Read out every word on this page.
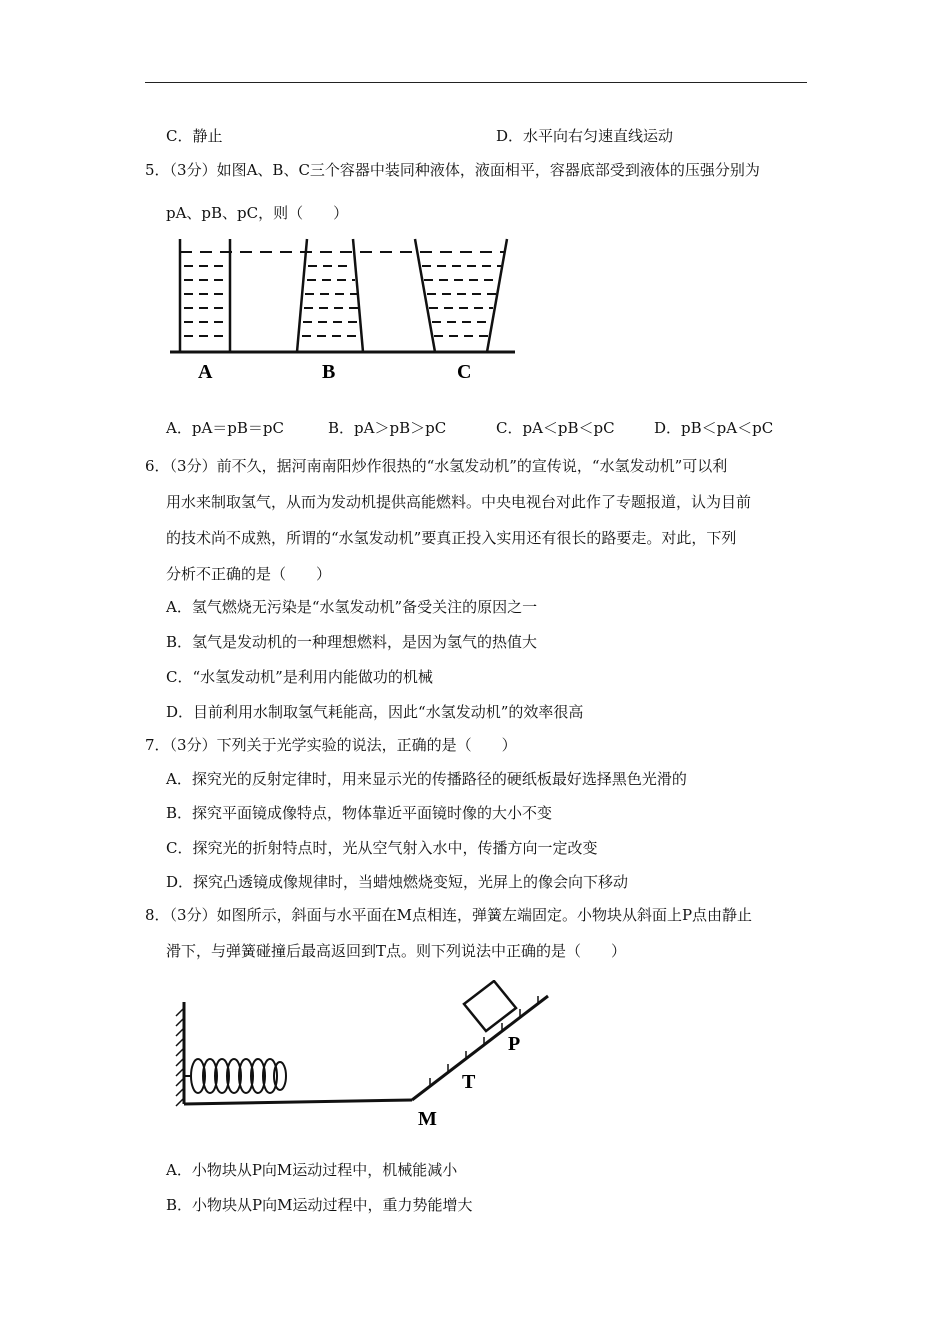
C．静止	D．水平向右匀速直线运动
5．（3分）如图A、B、C三个容器中装同种液体，液面相平，容器底部受到液体的压强分别为
pA、pB、pC，则（　　）
A	B	C
A．pA＝pB＝pC	B．pA＞pB＞pC	C．pA＜pB＜pC	D．pB＜pA＜pC
6．（3分）前不久，据河南南阳炒作很热的“水氢发动机”的宣传说，“水氢发动机”可以利
用水来制取氢气，从而为发动机提供高能燃料。中央电视台对此作了专题报道，认为目前
的技术尚不成熟，所谓的“水氢发动机”要真正投入实用还有很长的路要走。对此，下列
分析不正确的是（　　）
A．氢气燃烧无污染是“水氢发动机”备受关注的原因之一
B．氢气是发动机的一种理想燃料，是因为氢气的热值大
C．“水氢发动机”是利用内能做功的机械
D．目前利用水制取氢气耗能高，因此“水氢发动机”的效率很高
7．（3分）下列关于光学实验的说法，正确的是（　　）
A．探究光的反射定律时，用来显示光的传播路径的硬纸板最好选择黑色光滑的
B．探究平面镜成像特点，物体靠近平面镜时像的大小不变
C．探究光的折射特点时，光从空气射入水中，传播方向一定改变
D．探究凸透镜成像规律时，当蜡烛燃烧变短，光屏上的像会向下移动
8．（3分）如图所示，斜面与水平面在M点相连，弹簧左端固定。小物块从斜面上P点由静止
滑下，与弹簧碰撞后最高返回到T点。则下列说法中正确的是（　　）
P
T
M
A．小物块从P向M运动过程中，机械能减小
B．小物块从P向M运动过程中，重力势能增大
